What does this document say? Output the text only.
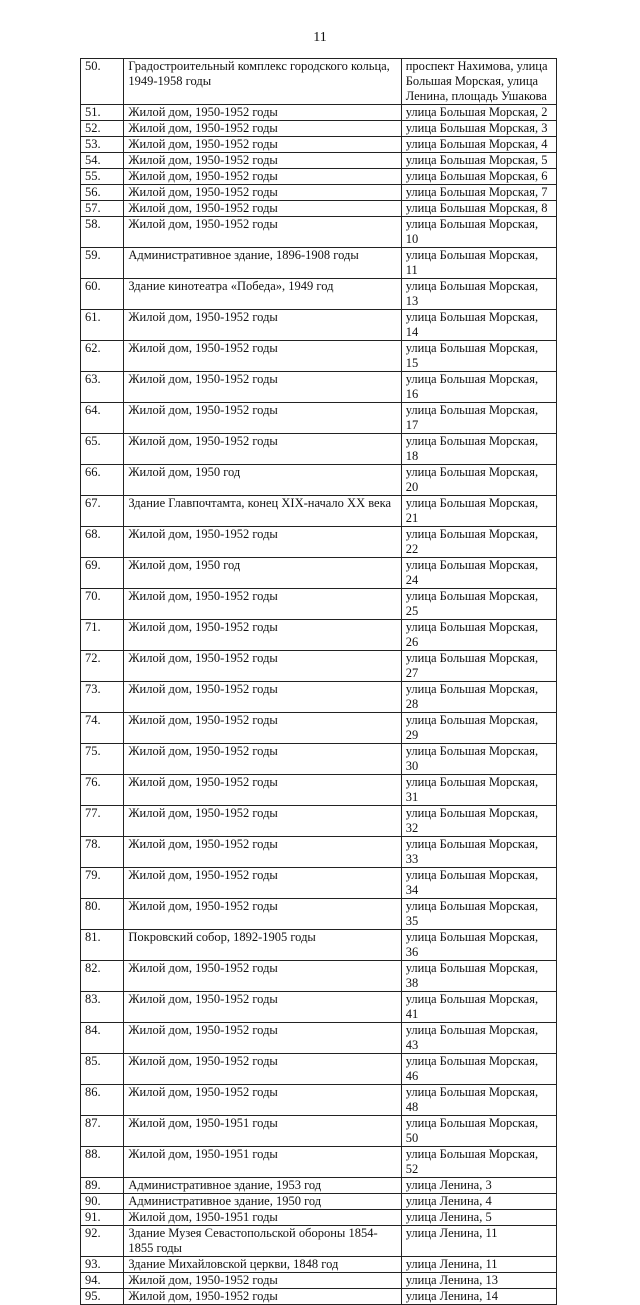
11
50.	Градостроительный комплекс городского кольца, 1949-1958 годы	проспект Нахимова, улица Большая Морская, улица Ленина, площадь Ушакова
51.	Жилой дом, 1950-1952 годы	улица Большая Морская, 2
52.	Жилой дом, 1950-1952 годы	улица Большая Морская, 3
53.	Жилой дом, 1950-1952 годы	улица Большая Морская, 4
54.	Жилой дом, 1950-1952 годы	улица Большая Морская, 5
55.	Жилой дом, 1950-1952 годы	улица Большая Морская, 6
56.	Жилой дом, 1950-1952 годы	улица Большая Морская, 7
57.	Жилой дом, 1950-1952 годы	улица Большая Морская, 8
58.	Жилой дом, 1950-1952 годы	улица Большая Морская, 10
59.	Административное здание, 1896-1908 годы	улица Большая Морская, 11
60.	Здание кинотеатра «Победа», 1949 год	улица Большая Морская, 13
61.	Жилой дом, 1950-1952 годы	улица Большая Морская, 14
62.	Жилой дом, 1950-1952 годы	улица Большая Морская, 15
63.	Жилой дом, 1950-1952 годы	улица Большая Морская, 16
64.	Жилой дом, 1950-1952 годы	улица Большая Морская, 17
65.	Жилой дом, 1950-1952 годы	улица Большая Морская, 18
66.	Жилой дом, 1950 год	улица Большая Морская, 20
67.	Здание Главпочтамта, конец XIX-начало XX века	улица Большая Морская, 21
68.	Жилой дом, 1950-1952 годы	улица Большая Морская, 22
69.	Жилой дом, 1950 год	улица Большая Морская, 24
70.	Жилой дом, 1950-1952 годы	улица Большая Морская, 25
71.	Жилой дом, 1950-1952 годы	улица Большая Морская, 26
72.	Жилой дом, 1950-1952 годы	улица Большая Морская, 27
73.	Жилой дом, 1950-1952 годы	улица Большая Морская, 28
74.	Жилой дом, 1950-1952 годы	улица Большая Морская, 29
75.	Жилой дом, 1950-1952 годы	улица Большая Морская, 30
76.	Жилой дом, 1950-1952 годы	улица Большая Морская, 31
77.	Жилой дом, 1950-1952 годы	улица Большая Морская, 32
78.	Жилой дом, 1950-1952 годы	улица Большая Морская, 33
79.	Жилой дом, 1950-1952 годы	улица Большая Морская, 34
80.	Жилой дом, 1950-1952 годы	улица Большая Морская, 35
81.	Покровский собор, 1892-1905 годы	улица Большая Морская, 36
82.	Жилой дом, 1950-1952 годы	улица Большая Морская, 38
83.	Жилой дом, 1950-1952 годы	улица Большая Морская, 41
84.	Жилой дом, 1950-1952 годы	улица Большая Морская, 43
85.	Жилой дом, 1950-1952 годы	улица Большая Морская, 46
86.	Жилой дом, 1950-1952 годы	улица Большая Морская, 48
87.	Жилой дом, 1950-1951 годы	улица Большая Морская, 50
88.	Жилой дом, 1950-1951 годы	улица Большая Морская, 52
89.	Административное здание, 1953 год	улица Ленина, 3
90.	Административное здание, 1950 год	улица Ленина, 4
91.	Жилой дом, 1950-1951 годы	улица Ленина, 5
92.	Здание Музея Севастопольской обороны 1854-1855 годы	улица Ленина, 11
93.	Здание Михайловской церкви, 1848 год	улица Ленина, 11
94.	Жилой дом, 1950-1952 годы	улица Ленина, 13
95.	Жилой дом, 1950-1952 годы	улица Ленина, 14
